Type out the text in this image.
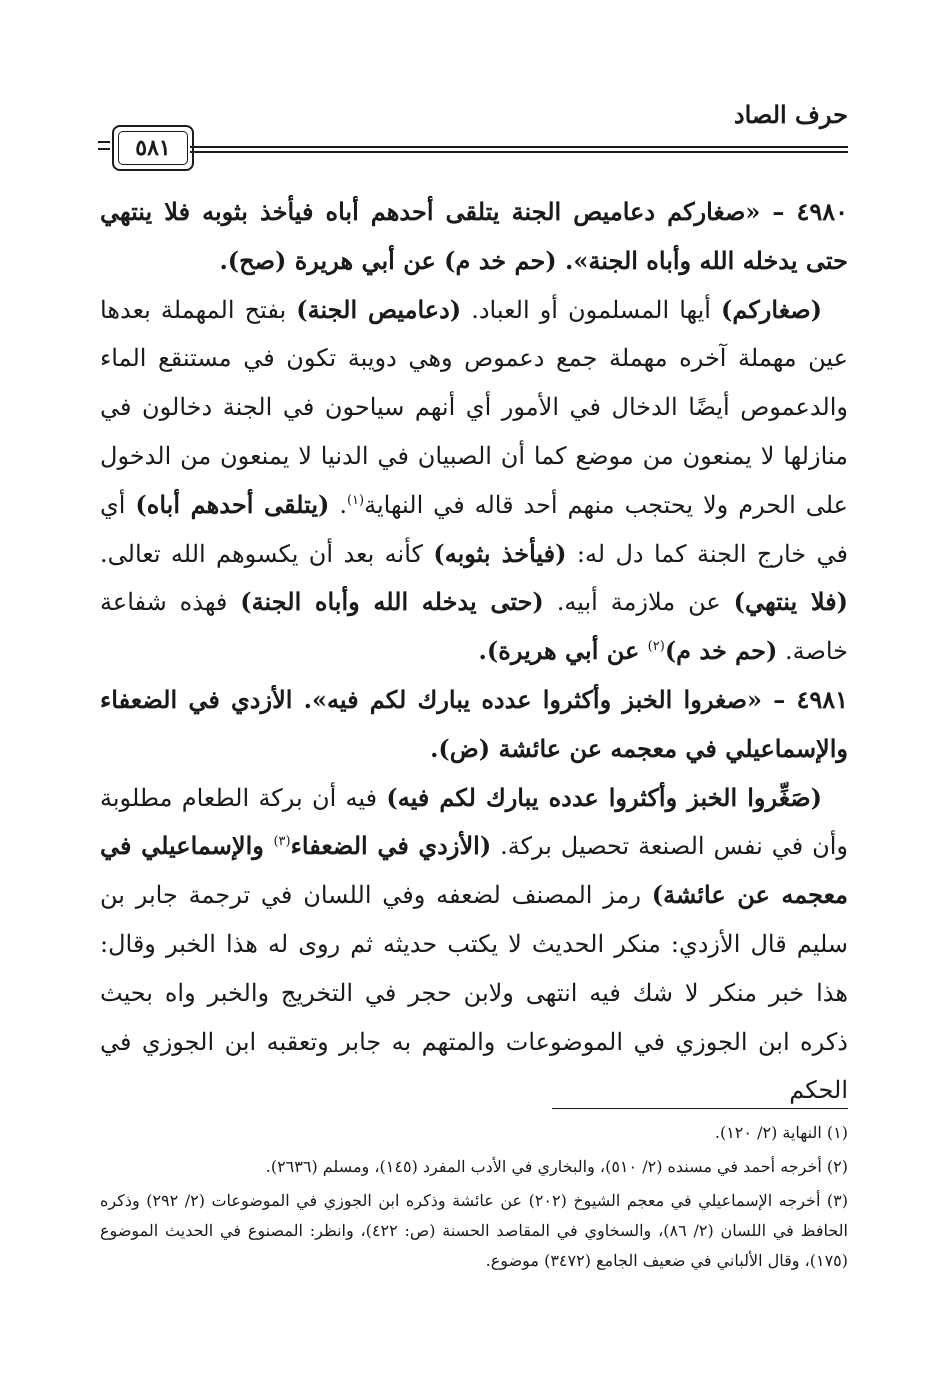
حرف الصاد
٥٨١

٤٩٨٠ – «صغاركم دعاميص الجنة يتلقى أحدهم أباه فيأخذ بثوبه فلا ينتهي حتى يدخله الله وأباه الجنة». (حم خد م) عن أبي هريرة (صح).

(صغاركم) أيها المسلمون أو العباد. (دعاميص الجنة) بفتح المهملة بعدها عين مهملة آخره مهملة جمع دعموص وهي دويبة تكون في مستنقع الماء والدعموص أيضًا الدخال في الأمور أي أنهم سياحون في الجنة دخالون في منازلها لا يمنعون من موضع كما أن الصبيان في الدنيا لا يمنعون من الدخول على الحرم ولا يحتجب منهم أحد قاله في النهاية$^{(١)}$. (يتلقى أحدهم أباه) أي في خارج الجنة كما دل له: (فيأخذ بثوبه) كأنه بعد أن يكسوهم الله تعالى. (فلا ينتهي) عن ملازمة أبيه. (حتى يدخله الله وأباه الجنة) فهذه شفاعة خاصة. (حم خد م)$^{(٢)}$ عن أبي هريرة).

٤٩٨١ – «صغروا الخبز وأكثروا عدده يبارك لكم فيه». الأزدي في الضعفاء والإسماعيلي في معجمه عن عائشة (ض).

(صَغِّروا الخبز وأكثروا عدده يبارك لكم فيه) فيه أن بركة الطعام مطلوبة وأن في نفس الصنعة تحصيل بركة. (الأزدي في الضعفاء$^{(٣)}$ والإسماعيلي في معجمه عن عائشة) رمز المصنف لضعفه وفي اللسان في ترجمة جابر بن سليم قال الأزدي: منكر الحديث لا يكتب حديثه ثم روى له هذا الخبر وقال: هذا خبر منكر لا شك فيه انتهى ولابن حجر في التخريج والخبر واه بحيث ذكره ابن الجوزي في الموضوعات والمتهم به جابر وتعقبه ابن الجوزي في الحكم

(١) النهاية (٢/ ١٢٠).

(٢) أخرجه أحمد في مسنده (٢/ ٥١٠)، والبخاري في الأدب المفرد (١٤٥)، ومسلم (٢٦٣٦).

(٣) أخرجه الإسماعيلي في معجم الشيوخ (٢٠٢) عن عائشة وذكره ابن الجوزي في الموضوعات (٢/ ٢٩٢) وذكره الحافظ في اللسان (٢/ ٨٦)، والسخاوي في المقاصد الحسنة (ص: ٤٢٢)، وانظر: المصنوع في الحديث الموضوع (١٧٥)، وقال الألباني في ضعيف الجامع (٣٤٧٢) موضوع.
